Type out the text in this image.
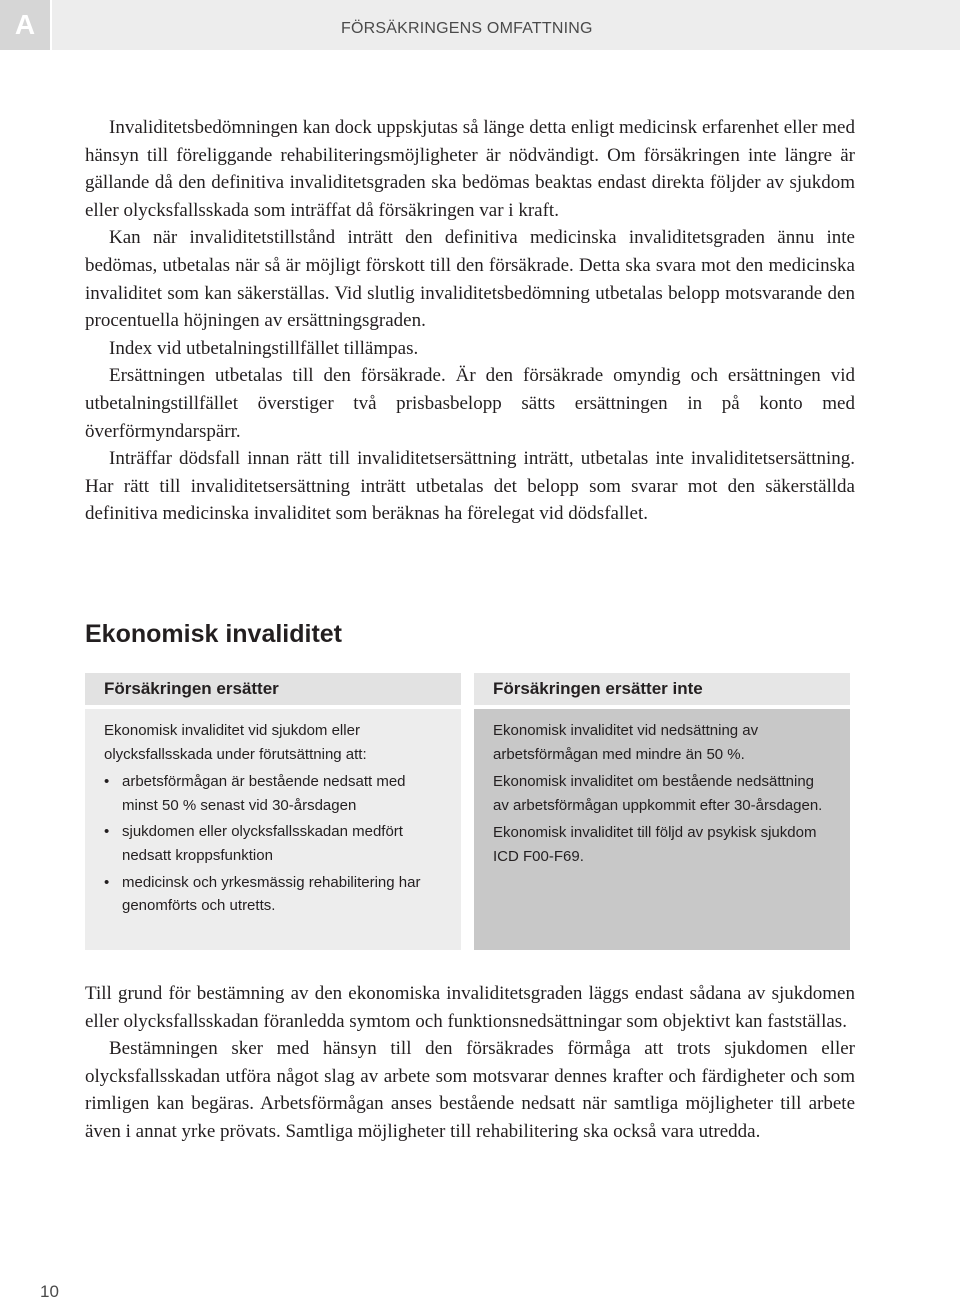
A	FÖRSÄKRINGENS OMFATTNING

Invaliditetsbedömningen kan dock uppskjutas så länge detta enligt medicinsk erfarenhet eller med hänsyn till föreliggande rehabiliteringsmöjligheter är nödvändigt. Om försäkringen inte längre är gällande då den definitiva invaliditetsgraden ska bedömas beaktas endast direkta följder av sjukdom eller olycksfallsskada som inträffat då försäkringen var i kraft.

Kan när invaliditetstillstånd inträtt den definitiva medicinska invaliditetsgraden ännu inte bedömas, utbetalas när så är möjligt förskott till den försäkrade. Detta ska svara mot den medicinska invaliditet som kan säkerställas. Vid slutlig invaliditetsbedömning utbetalas belopp motsvarande den procentuella höjningen av ersättningsgraden.

Index vid utbetalningstillfället tillämpas.

Ersättningen utbetalas till den försäkrade. Är den försäkrade omyndig och ersättningen vid utbetalningstillfället överstiger två prisbasbelopp sätts ersättningen in på konto med överförmyndarspärr.

Inträffar dödsfall innan rätt till invaliditetsersättning inträtt, utbetalas inte invaliditetsersättning. Har rätt till invaliditetsersättning inträtt utbetalas det belopp som svarar mot den säkerställda definitiva medicinska invaliditet som beräknas ha förelegat vid dödsfallet.

Ekonomisk invaliditet
Försäkringen ersätter

Ekonomisk invaliditet vid sjukdom eller olycksfallsskada under förutsättning att:

• arbetsförmågan är bestående nedsatt med minst 50 % senast vid 30-årsdagen
• sjukdomen eller olycksfallsskadan medfört nedsatt kroppsfunktion
• medicinsk och yrkesmässig rehabilitering har genomförts och utretts.
Försäkringen ersätter inte

Ekonomisk invaliditet vid nedsättning av arbetsförmågan med mindre än 50 %.

Ekonomisk invaliditet om bestående nedsättning av arbetsförmågan uppkommit efter 30-årsdagen.

Ekonomisk invaliditet till följd av psykisk sjukdom ICD F00-F69.

Till grund för bestämning av den ekonomiska invaliditetsgraden läggs endast sådana av sjukdomen eller olycksfallsskadan föranledda symtom och funktionsnedsättningar som objektivt kan fastställas.

Bestämningen sker med hänsyn till den försäkrades förmåga att trots sjukdomen eller olycksfallsskadan utföra något slag av arbete som motsvarar dennes krafter och färdigheter och som rimligen kan begäras. Arbetsförmågan anses bestående nedsatt när samtliga möjligheter till arbete även i annat yrke prövats. Samtliga möjligheter till rehabilitering ska också vara utredda.

10
